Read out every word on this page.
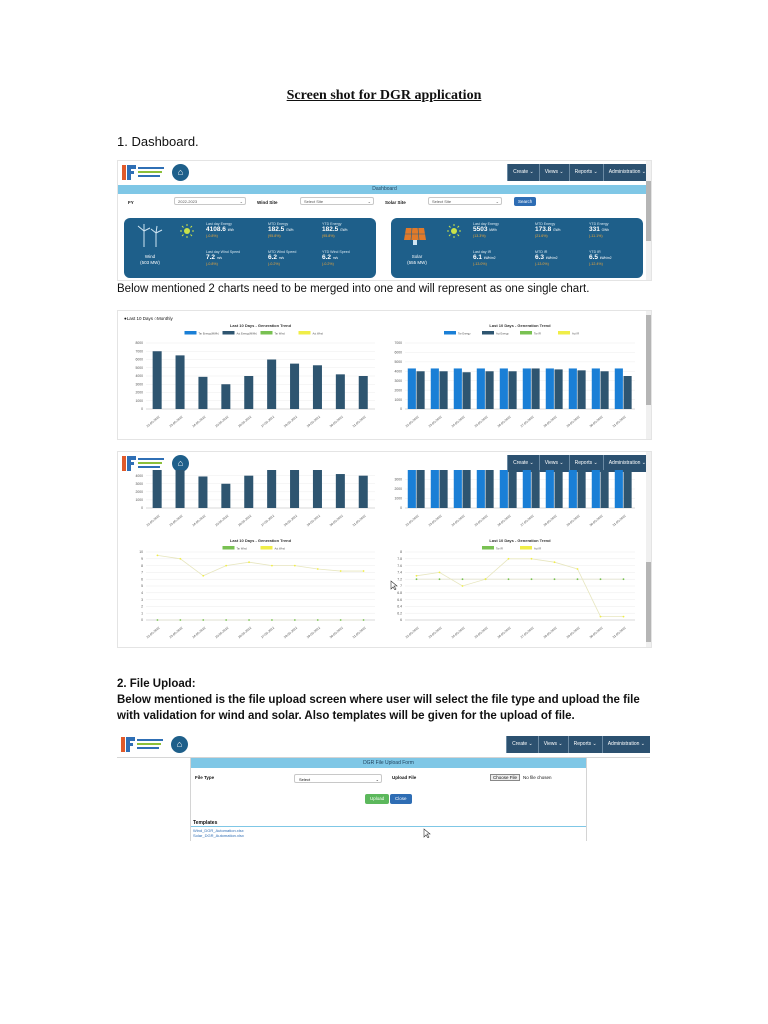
Screen shot for DGR application
1. Dashboard.
⌂	Create ⌄	Views ⌄	Reports ⌄	Administration ⌄
Dashboard
FY	2022-2023	⌄	Wind Site	Select Site	⌄	Solar Site	Select Site	⌄	Search
Wind
(503 MW)
Last day Energy
4108.6 kWh
(-0.8%)
MTD Energy
182.5 GWh
(95.8%)
YTD Energy
182.5 GWh
(95.8%)
Last day Wind Speed
7.2 m/s
(-0.8%)
MTD Wind Speed
6.2 m/s
(-0.2%)
YTD Wind Speed
6.2 m/s
(-0.2%)
Solar
(555 MW)
Last day Energy
5503 MWh
(13.3%)
MTD Energy
173.8 GWh
(21.6%)
YTD Energy
331 GWh
(-11.1%)
Last day IR
6.1 kWh/m2
(-13.0%)
MTD IR
6.3 kWh/m2
(-13.0%)
YTD IR
6.5 kWh/m2
(-12.4%)
Below mentioned 2 charts need to be merged into one and will represent as one single chart.
●Last 10 Days ○Monthly
Last 10 Days - Generation Trend
Tar Energy(MWh)	Act Energy(MWh)	Tar Wind	Act Wind
0
1000
2000
3000
4000
5000
6000
7000
8000
22-05-2022 23-05-2022 24-05-2022 25-05-2022 26-05-2022 27-05-2022 28-05-2022 29-05-2022 30-05-2022 31-05-2022
Last 10 Days - Generation Trend
Tar Energy	Act Energy	Tar IR	Act IR
0
1000
2000
3000
4000
5000
6000
7000
22-05-2022 23-05-2022 24-05-2022 25-05-2022 26-05-2022 27-05-2022 28-05-2022 29-05-2022 30-05-2022 31-05-2022
⌂	Create ⌄	Views ⌄	Reports ⌄	Administration ⌄
0
1000
2000
3000
4000
22-05-2022 23-05-2022 24-05-2022 25-05-2022 26-05-2022 27-05-2022 28-05-2022 29-05-2022 30-05-2022 31-05-2022
0
1000
2000
3000
22-05-2022 23-05-2022 24-05-2022 25-05-2022 26-05-2022 27-05-2022 28-05-2022 29-05-2022 30-05-2022 31-05-2022
Last 10 Days - Generation Trend
Tar Wind	Act Wind
0
1
2
3
4
5
6
7
8
9
10
22-05-2022 23-05-2022 24-05-2022 25-05-2022 26-05-2022 27-05-2022 28-05-2022 29-05-2022 30-05-2022 31-05-2022
Last 10 Days - Generation Trend
Tar IR	Act IR
6
6.2
6.4
6.6
6.8
7
7.2
7.4
7.6
7.8
8
22-05-2022 23-05-2022 24-05-2022 25-05-2022 26-05-2022 27-05-2022 28-05-2022 29-05-2022 30-05-2022 31-05-2022
2. File Upload:
Below mentioned is the file upload screen where user will select the file type and upload the file with validation for wind and solar. Also templates will be given for the upload of file.
⌂	Create ⌄	Views ⌄	Reports ⌄	Administration ⌄
DGR File Upload Form
File Type	Select	⌄	Upload File	Choose File	No file chosen
Upload	Close
Templates
Wind_DGR_Automation.xlsx
Solar_DGR_Automation.xlsx
